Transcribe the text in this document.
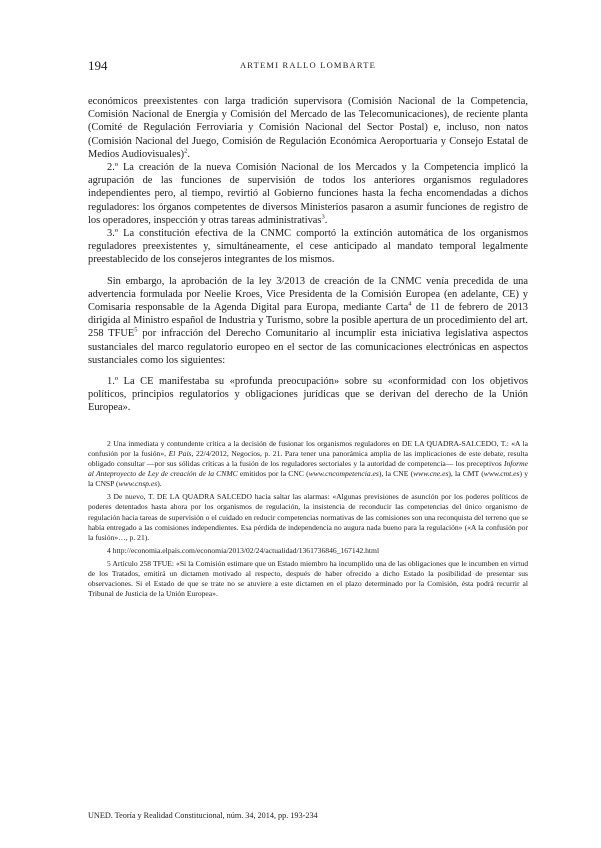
194	ARTEMI RALLO LOMBARTE

económicos preexistentes con larga tradición supervisora (Comisión Nacional de la Competencia, Comisión Nacional de Energía y Comisión del Mercado de las Telecomunicaciones), de reciente planta (Comité de Regulación Ferroviaria y Comisión Nacional del Sector Postal) e, incluso, non natos (Comisión Nacional del Juego, Comisión de Regulación Económica Aeroportuaria y Consejo Estatal de Medios Audiovisuales)$^2$.

2.º La creación de la nueva Comisión Nacional de los Mercados y la Competencia implicó la agrupación de las funciones de supervisión de todos los anteriores organismos reguladores independientes pero, al tiempo, revirtió al Gobierno funciones hasta la fecha encomendadas a dichos reguladores: los órganos competentes de diversos Ministerios pasaron a asumir funciones de registro de los operadores, inspección y otras tareas administrativas$^3$.

3.º La constitución efectiva de la CNMC comportó la extinción automática de los organismos reguladores preexistentes y, simultáneamente, el cese anticipado al mandato temporal legalmente preestablecido de los consejeros integrantes de los mismos.

Sin embargo, la aprobación de la ley 3/2013 de creación de la CNMC venía precedida de una advertencia formulada por Neelie Kroes, Vice Presidenta de la Comisión Europea (en adelante, CE) y Comisaria responsable de la Agenda Digital para Europa, mediante Carta$^4$ de 11 de febrero de 2013 dirigida al Ministro español de Industria y Turismo, sobre la posible apertura de un procedimiento del art. 258 TFUE$^5$ por infracción del Derecho Comunitario al incumplir esta iniciativa legislativa aspectos sustanciales del marco regulatorio europeo en el sector de las comunicaciones electrónicas en aspectos sustanciales como los siguientes:

1.º La CE manifestaba su «profunda preocupación» sobre su «conformidad con los objetivos políticos, principios regulatorios y obligaciones jurídicas que se derivan del derecho de la Unión Europea».

2 Una inmediata y contundente crítica a la decisión de fusionar los organismos reguladores en DE LA QUADRA-SALCEDO, T.: «A la confusión por la fusión», El País, 22/4/2012, Negocios, p. 21. Para tener una panorámica amplia de las implicaciones de este debate, resulta obligado consultar —por sus sólidas críticas a la fusión de los reguladores sectoriales y la autoridad de competencia— los preceptivos Informe al Anteproyecto de Ley de creación de la CNMC emitidos por la CNC (www.cncompetencia.es), la CNE (www.cne.es), la CMT (www.cmt.es) y la CNSP (www.cnsp.es).

3 De nuevo, T. DE LA QUADRA SALCEDO hacía saltar las alarmas: «Algunas previsiones de asunción por los poderes políticos de poderes detentados hasta ahora por los organismos de regulación, la insistencia de reconducir las competencias del único organismo de regulación hacia tareas de supervisión o el cuidado en reducir competencias normativas de las comisiones son una reconquista del terreno que se había entregado a las comisiones independientes. Esa pérdida de independencia no augura nada bueno para la regulación» («A la confusión por la fusión»…, p. 21).

4 http://economia.elpais.com/economia/2013/02/24/actualidad/1361736846_167142.html

5 Artículo 258 TFUE: «Si la Comisión estimare que un Estado miembro ha incumplido una de las obligaciones que le incumben en virtud de los Tratados, emitirá un dictamen motivado al respecto, después de haber ofrecido a dicho Estado la posibilidad de presentar sus observaciones. Si el Estado de que se trate no se atuviere a este dictamen en el plazo determinado por la Comisión, ésta podrá recurrir al Tribunal de Justicia de la Unión Europea».

UNED. Teoría y Realidad Constitucional, núm. 34, 2014, pp. 193-234
